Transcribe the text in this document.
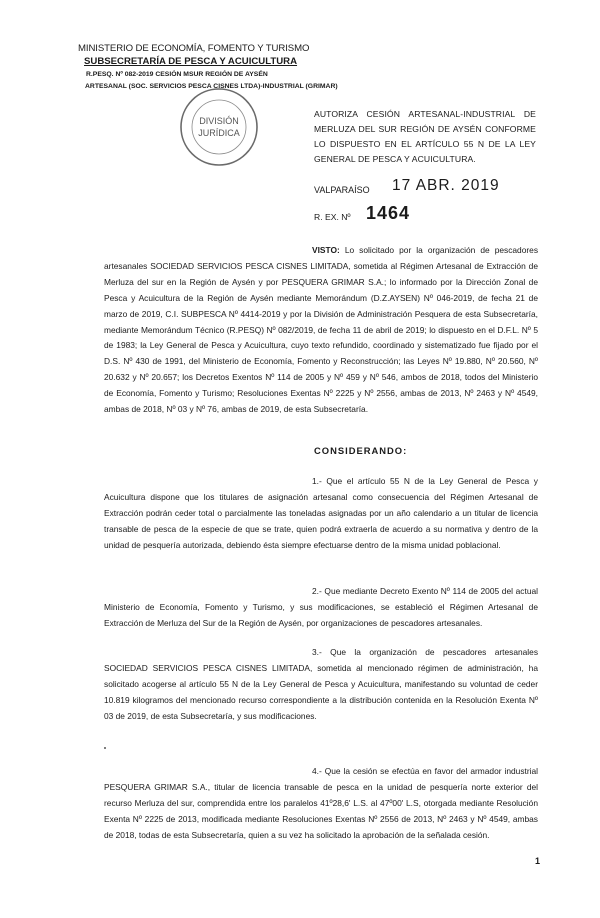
MINISTERIO DE ECONOMÍA, FOMENTO Y TURISMO
SUBSECRETARÍA DE PESCA Y ACUICULTURA
R.PESQ. Nº 082-2019 CESIÓN MSUR REGIÓN DE AYSÉN
ARTESANAL (SOC. SERVICIOS PESCA CISNES LTDA)-INDUSTRIAL (GRIMAR)
DIVISIÓN
JURÍDICA
AUTORIZA CESIÓN ARTESANAL-INDUSTRIAL DE MERLUZA DEL SUR REGIÓN DE AYSÉN CONFORME LO DISPUESTO EN EL ARTÍCULO 55 N DE LA LEY GENERAL DE PESCA Y ACUICULTURA.
VALPARAÍSO 17 ABR. 2019
R. EX. Nº 1464
VISTO: Lo solicitado por la organización de pescadores artesanales SOCIEDAD SERVICIOS PESCA CISNES LIMITADA, sometida al Régimen Artesanal de Extracción de Merluza del sur en la Región de Aysén y por PESQUERA GRIMAR S.A.; lo informado por la Dirección Zonal de Pesca y Acuicultura de la Región de Aysén mediante Memorándum (D.Z.AYSEN) Nº 046-2019, de fecha 21 de marzo de 2019, C.I. SUBPESCA Nº 4414-2019 y por la División de Administración Pesquera de esta Subsecretaría, mediante Memorándum Técnico (R.PESQ) Nº 082/2019, de fecha 11 de abril de 2019; lo dispuesto en el D.F.L. Nº 5 de 1983; la Ley General de Pesca y Acuicultura, cuyo texto refundido, coordinado y sistematizado fue fijado por el D.S. Nº 430 de 1991, del Ministerio de Economía, Fomento y Reconstrucción; las Leyes Nº 19.880, Nº 20.560, Nº 20.632 y Nº 20.657; los Decretos Exentos Nº 114 de 2005 y Nº 459 y Nº 546, ambos de 2018, todos del Ministerio de Economía, Fomento y Turismo; Resoluciones Exentas Nº 2225 y Nº 2556, ambas de 2013, Nº 2463 y Nº 4549, ambas de 2018, Nº 03 y Nº 76, ambas de 2019, de esta Subsecretaría.
CONSIDERANDO:
1.- Que el artículo 55 N de la Ley General de Pesca y Acuicultura dispone que los titulares de asignación artesanal como consecuencia del Régimen Artesanal de Extracción podrán ceder total o parcialmente las toneladas asignadas por un año calendario a un titular de licencia transable de pesca de la especie de que se trate, quien podrá extraerla de acuerdo a su normativa y dentro de la unidad de pesquería autorizada, debiendo ésta siempre efectuarse dentro de la misma unidad poblacional.
2.- Que mediante Decreto Exento Nº 114 de 2005 del actual Ministerio de Economía, Fomento y Turismo, y sus modificaciones, se estableció el Régimen Artesanal de Extracción de Merluza del Sur de la Región de Aysén, por organizaciones de pescadores artesanales.
3.- Que la organización de pescadores artesanales SOCIEDAD SERVICIOS PESCA CISNES LIMITADA, sometida al mencionado régimen de administración, ha solicitado acogerse al artículo 55 N de la Ley General de Pesca y Acuicultura, manifestando su voluntad de ceder 10.819 kilogramos del mencionado recurso correspondiente a la distribución contenida en la Resolución Exenta Nº 03 de 2019, de esta Subsecretaría, y sus modificaciones.
4.- Que la cesión se efectúa en favor del armador industrial PESQUERA GRIMAR S.A., titular de licencia transable de pesca en la unidad de pesquería norte exterior del recurso Merluza del sur, comprendida entre los paralelos 41º28,6' L.S. al 47º00' L.S, otorgada mediante Resolución Exenta Nº 2225 de 2013, modificada mediante Resoluciones Exentas Nº 2556 de 2013, Nº 2463 y Nº 4549, ambas de 2018, todas de esta Subsecretaría, quien a su vez ha solicitado la aprobación de la señalada cesión.
1
